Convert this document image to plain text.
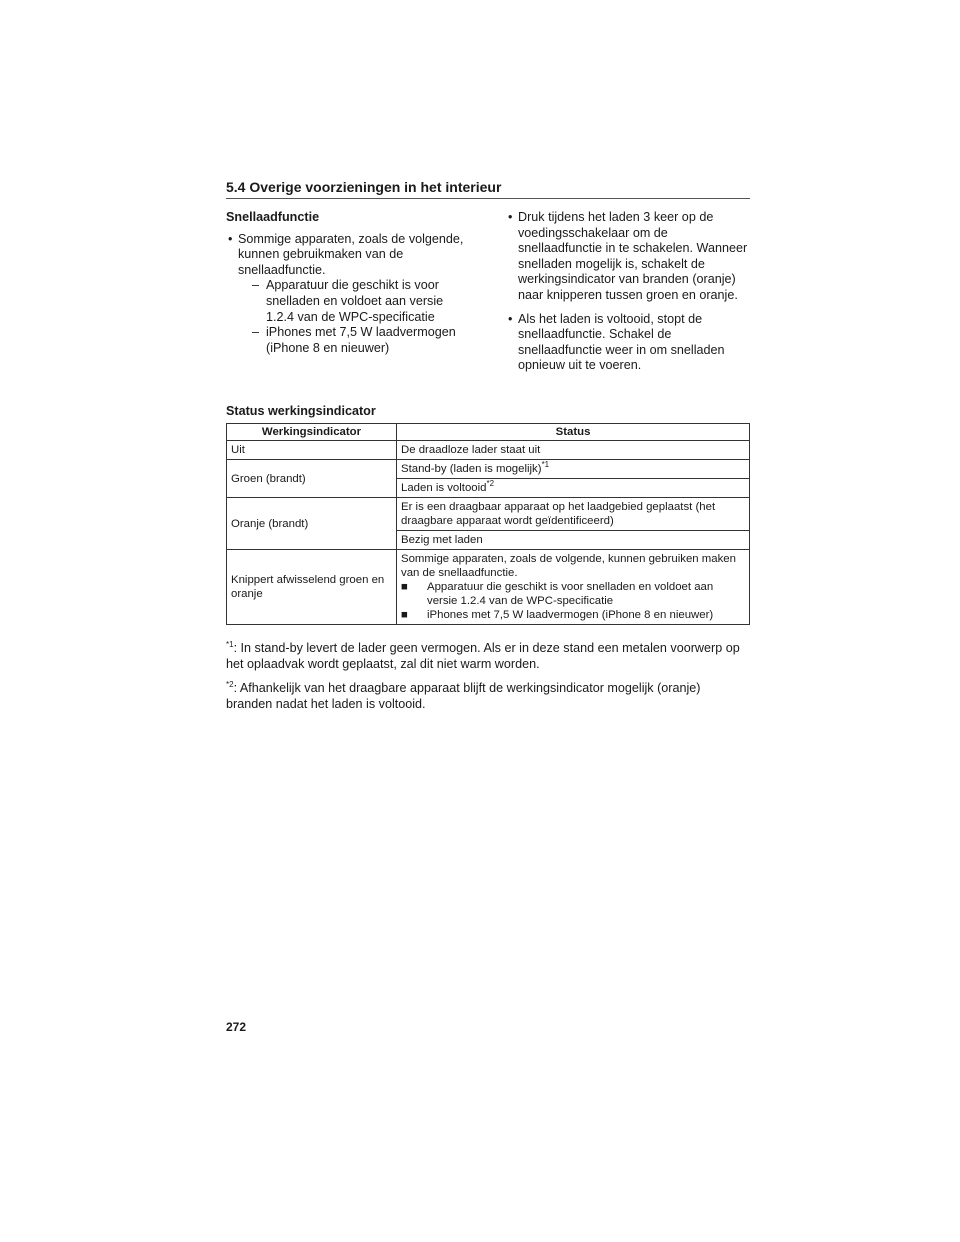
5.4 Overige voorzieningen in het interieur
Snellaadfunctie
• Sommige apparaten, zoals de volgende, kunnen gebruikmaken van de snellaadfunctie.
– Apparatuur die geschikt is voor snelladen en voldoet aan versie 1.2.4 van de WPC-specificatie
– iPhones met 7,5 W laadvermogen (iPhone 8 en nieuwer)
• Druk tijdens het laden 3 keer op de voedingsschakelaar om de snellaadfunctie in te schakelen. Wanneer snelladen mogelijk is, schakelt de werkingsindicator van branden (oranje) naar knipperen tussen groen en oranje.
• Als het laden is voltooid, stopt de snellaadfunctie. Schakel de snellaadfunctie weer in om snelladen opnieuw uit te voeren.
Status werkingsindicator
Werkingsindicator	Status
Uit	De draadloze lader staat uit
Groen (brandt)	Stand-by (laden is mogelijk)$^{*1}$
	Laden is voltooid$^{*2}$
Oranje (brandt)	Er is een draagbaar apparaat op het laadgebied geplaatst (het draagbare apparaat wordt geïdentificeerd)
	Bezig met laden
Knippert afwisselend groen en oranje	Sommige apparaten, zoals de volgende, kunnen gebruiken maken van de snellaadfunctie.
■ Apparatuur die geschikt is voor snelladen en voldoet aan versie 1.2.4 van de WPC-specificatie
■ iPhones met 7,5 W laadvermogen (iPhone 8 en nieuwer)
$^{*1}$: In stand-by levert de lader geen vermogen. Als er in deze stand een metalen voorwerp op het oplaadvak wordt geplaatst, zal dit niet warm worden.
$^{*2}$: Afhankelijk van het draagbare apparaat blijft de werkingsindicator mogelijk (oranje) branden nadat het laden is voltooid.
272
